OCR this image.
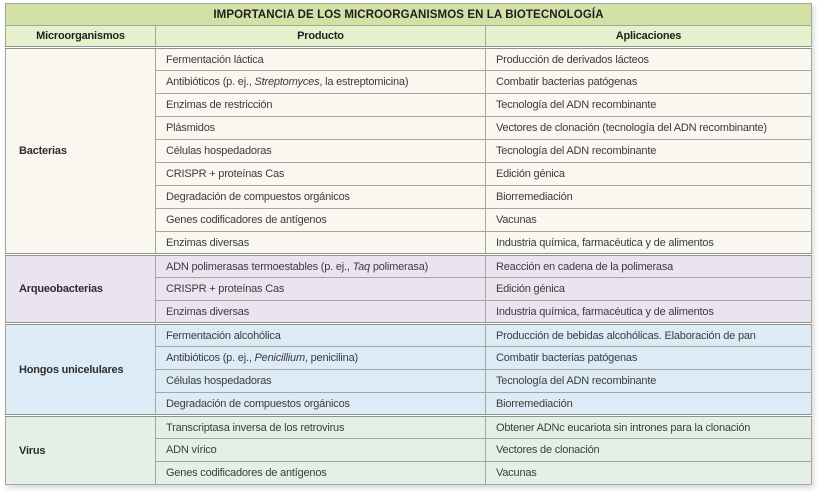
IMPORTANCIA DE LOS MICROORGANISMOS EN LA BIOTECNOLOGÍA		
Microorganismos	Producto	Aplicaciones
Bacterias	Fermentación láctica	Producción de derivados lácteos
	Antibióticos (p. ej., Streptomyces, la estreptomicina)	Combatir bacterias patógenas
	Enzimas de restricción	Tecnología del ADN recombinante
	Plásmidos	Vectores de clonación (tecnología del ADN recombinante)
	Células hospedadoras	Tecnología del ADN recombinante
	CRISPR + proteínas Cas	Edición génica
	Degradación de compuestos orgánicos	Biorremediación
	Genes codificadores de antígenos	Vacunas
	Enzimas diversas	Industria química, farmacéutica y de alimentos
Arqueobacterias	ADN polimerasas termoestables (p. ej., Taq polimerasa)	Reacción en cadena de la polimerasa
	CRISPR + proteínas Cas	Edición génica
	Enzimas diversas	Industria química, farmacéutica y de alimentos
Hongos unicelulares	Fermentación alcohólica	Producción de bebidas alcohólicas. Elaboración de pan
	Antibióticos (p. ej., Penicillium, penicilina)	Combatir bacterias patógenas
	Células hospedadoras	Tecnología del ADN recombinante
	Degradación de compuestos orgánicos	Biorremediación
Virus	Transcriptasa inversa de los retrovirus	Obtener ADNc eucariota sin intrones para la clonación
	ADN vírico	Vectores de clonación
	Genes codificadores de antígenos	Vacunas
